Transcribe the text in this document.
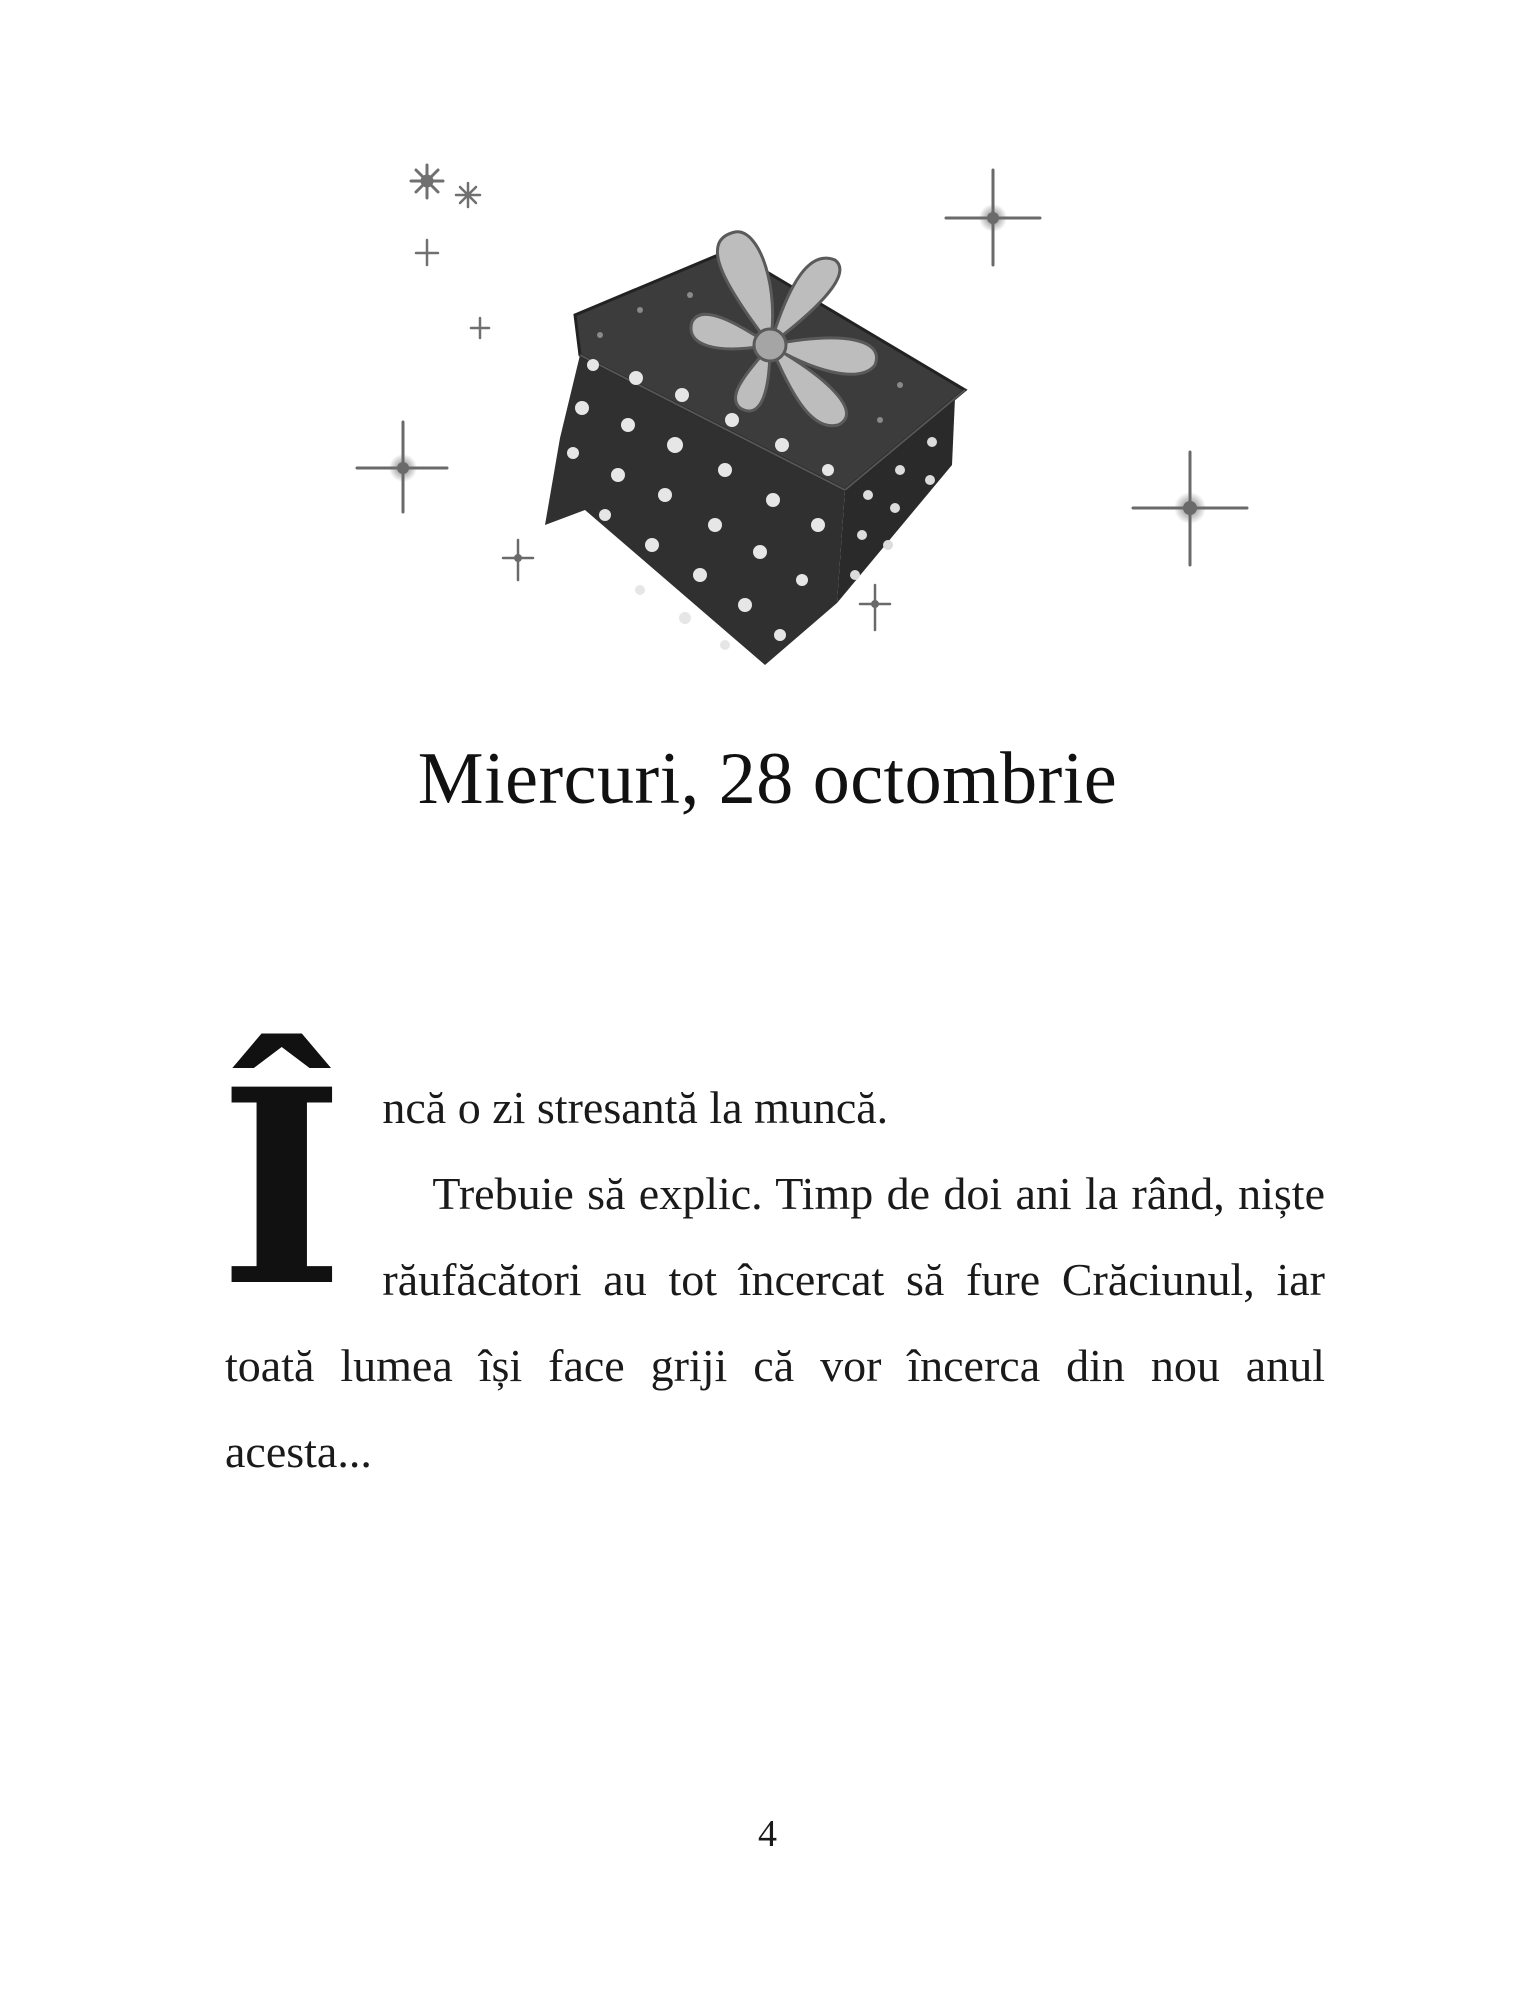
Miercuri, 28 octombrie
Î ncă o zi stresantă la muncă.

Trebuie să explic. Timp de doi ani la rând, niște răufăcători au tot încercat să fure Crăciunul, iar toată lumea își face griji că vor încerca din nou anul acesta...

4
